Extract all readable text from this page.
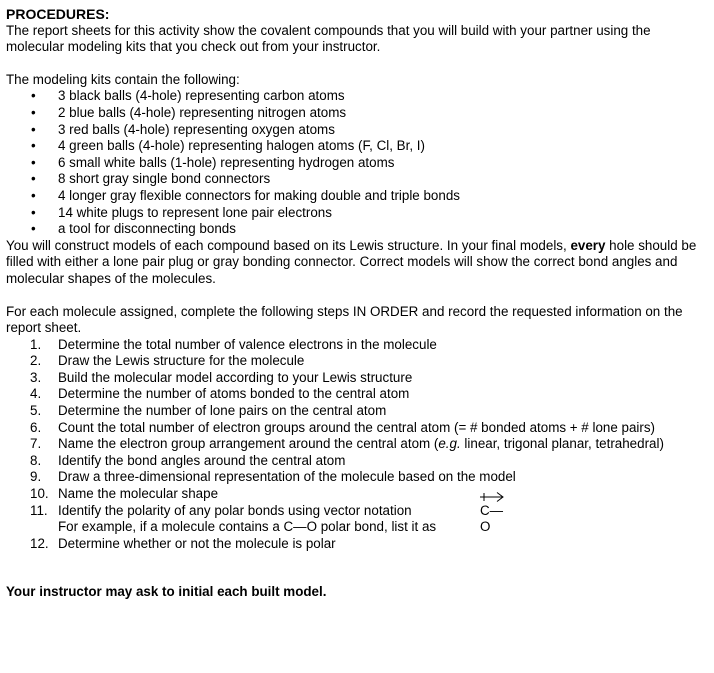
PROCEDURES:

The report sheets for this activity show the covalent compounds that you will build with your partner using the molecular modeling kits that you check out from your instructor.

The modeling kits contain the following:

• 3 black balls (4-hole) representing carbon atoms
• 2 blue balls (4-hole) representing nitrogen atoms
• 3 red balls (4-hole) representing oxygen atoms
• 4 green balls (4-hole) representing halogen atoms (F, Cl, Br, I)
• 6 small white balls (1-hole) representing hydrogen atoms
• 8 short gray single bond connectors
• 4 longer gray flexible connectors for making double and triple bonds
• 14 white plugs to represent lone pair electrons
• a tool for disconnecting bonds

You will construct models of each compound based on its Lewis structure. In your final models, every hole should be filled with either a lone pair plug or gray bonding connector. Correct models will show the correct bond angles and molecular shapes of the molecules.

For each molecule assigned, complete the following steps IN ORDER and record the requested information on the report sheet.

1.	Determine the total number of valence electrons in the molecule
2.	Draw the Lewis structure for the molecule
3.	Build the molecular model according to your Lewis structure
4.	Determine the number of atoms bonded to the central atom
5.	Determine the number of lone pairs on the central atom
6.	Count the total number of electron groups around the central atom (= # bonded atoms + # lone pairs)
7.	Name the electron group arrangement around the central atom (e.g. linear, trigonal planar, tetrahedral)
8.	Identify the bond angles around the central atom
9.	Draw a three-dimensional representation of the molecule based on the model
10. Name the molecular shape
11. Identify the polarity of any polar bonds using vector notation
For example, if a molecule contains a C—O polar bond, list it as
C—O
12. Determine whether or not the molecule is polar

Your instructor may ask to initial each built model.
